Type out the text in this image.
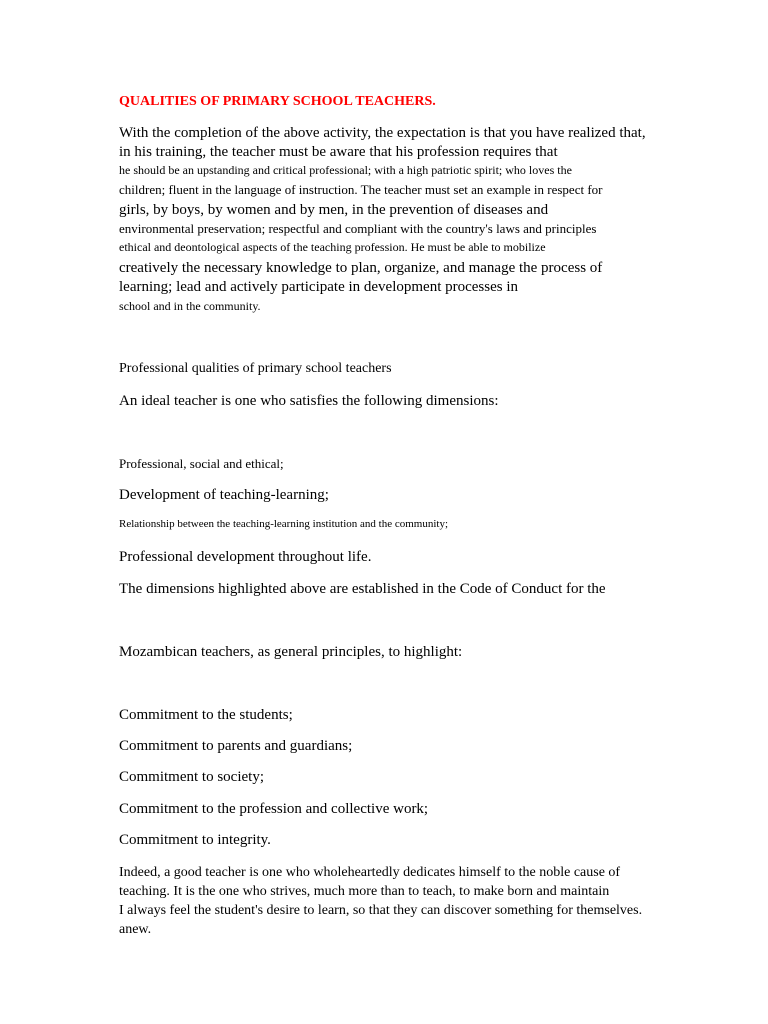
QUALITIES OF PRIMARY SCHOOL TEACHERS.
With the completion of the above activity, the expectation is that you have realized that,
in his training, the teacher must be aware that his profession requires that
he should be an upstanding and critical professional; with a high patriotic spirit; who loves the
children; fluent in the language of instruction. The teacher must set an example in respect for
girls, by boys, by women and by men, in the prevention of diseases and
environmental preservation; respectful and compliant with the country's laws and principles
ethical and deontological aspects of the teaching profession. He must be able to mobilize
creatively the necessary knowledge to plan, organize, and manage the process of
learning; lead and actively participate in development processes in
school and in the community.
Professional qualities of primary school teachers
An ideal teacher is one who satisfies the following dimensions:
Professional, social and ethical;
Development of teaching-learning;
Relationship between the teaching-learning institution and the community;
Professional development throughout life.
The dimensions highlighted above are established in the Code of Conduct for the
Mozambican teachers, as general principles, to highlight:
Commitment to the students;
Commitment to parents and guardians;
Commitment to society;
Commitment to the profession and collective work;
Commitment to integrity.
Indeed, a good teacher is one who wholeheartedly dedicates himself to the noble cause of
teaching. It is the one who strives, much more than to teach, to make born and maintain
I always feel the student's desire to learn, so that they can discover something for themselves.
anew.
